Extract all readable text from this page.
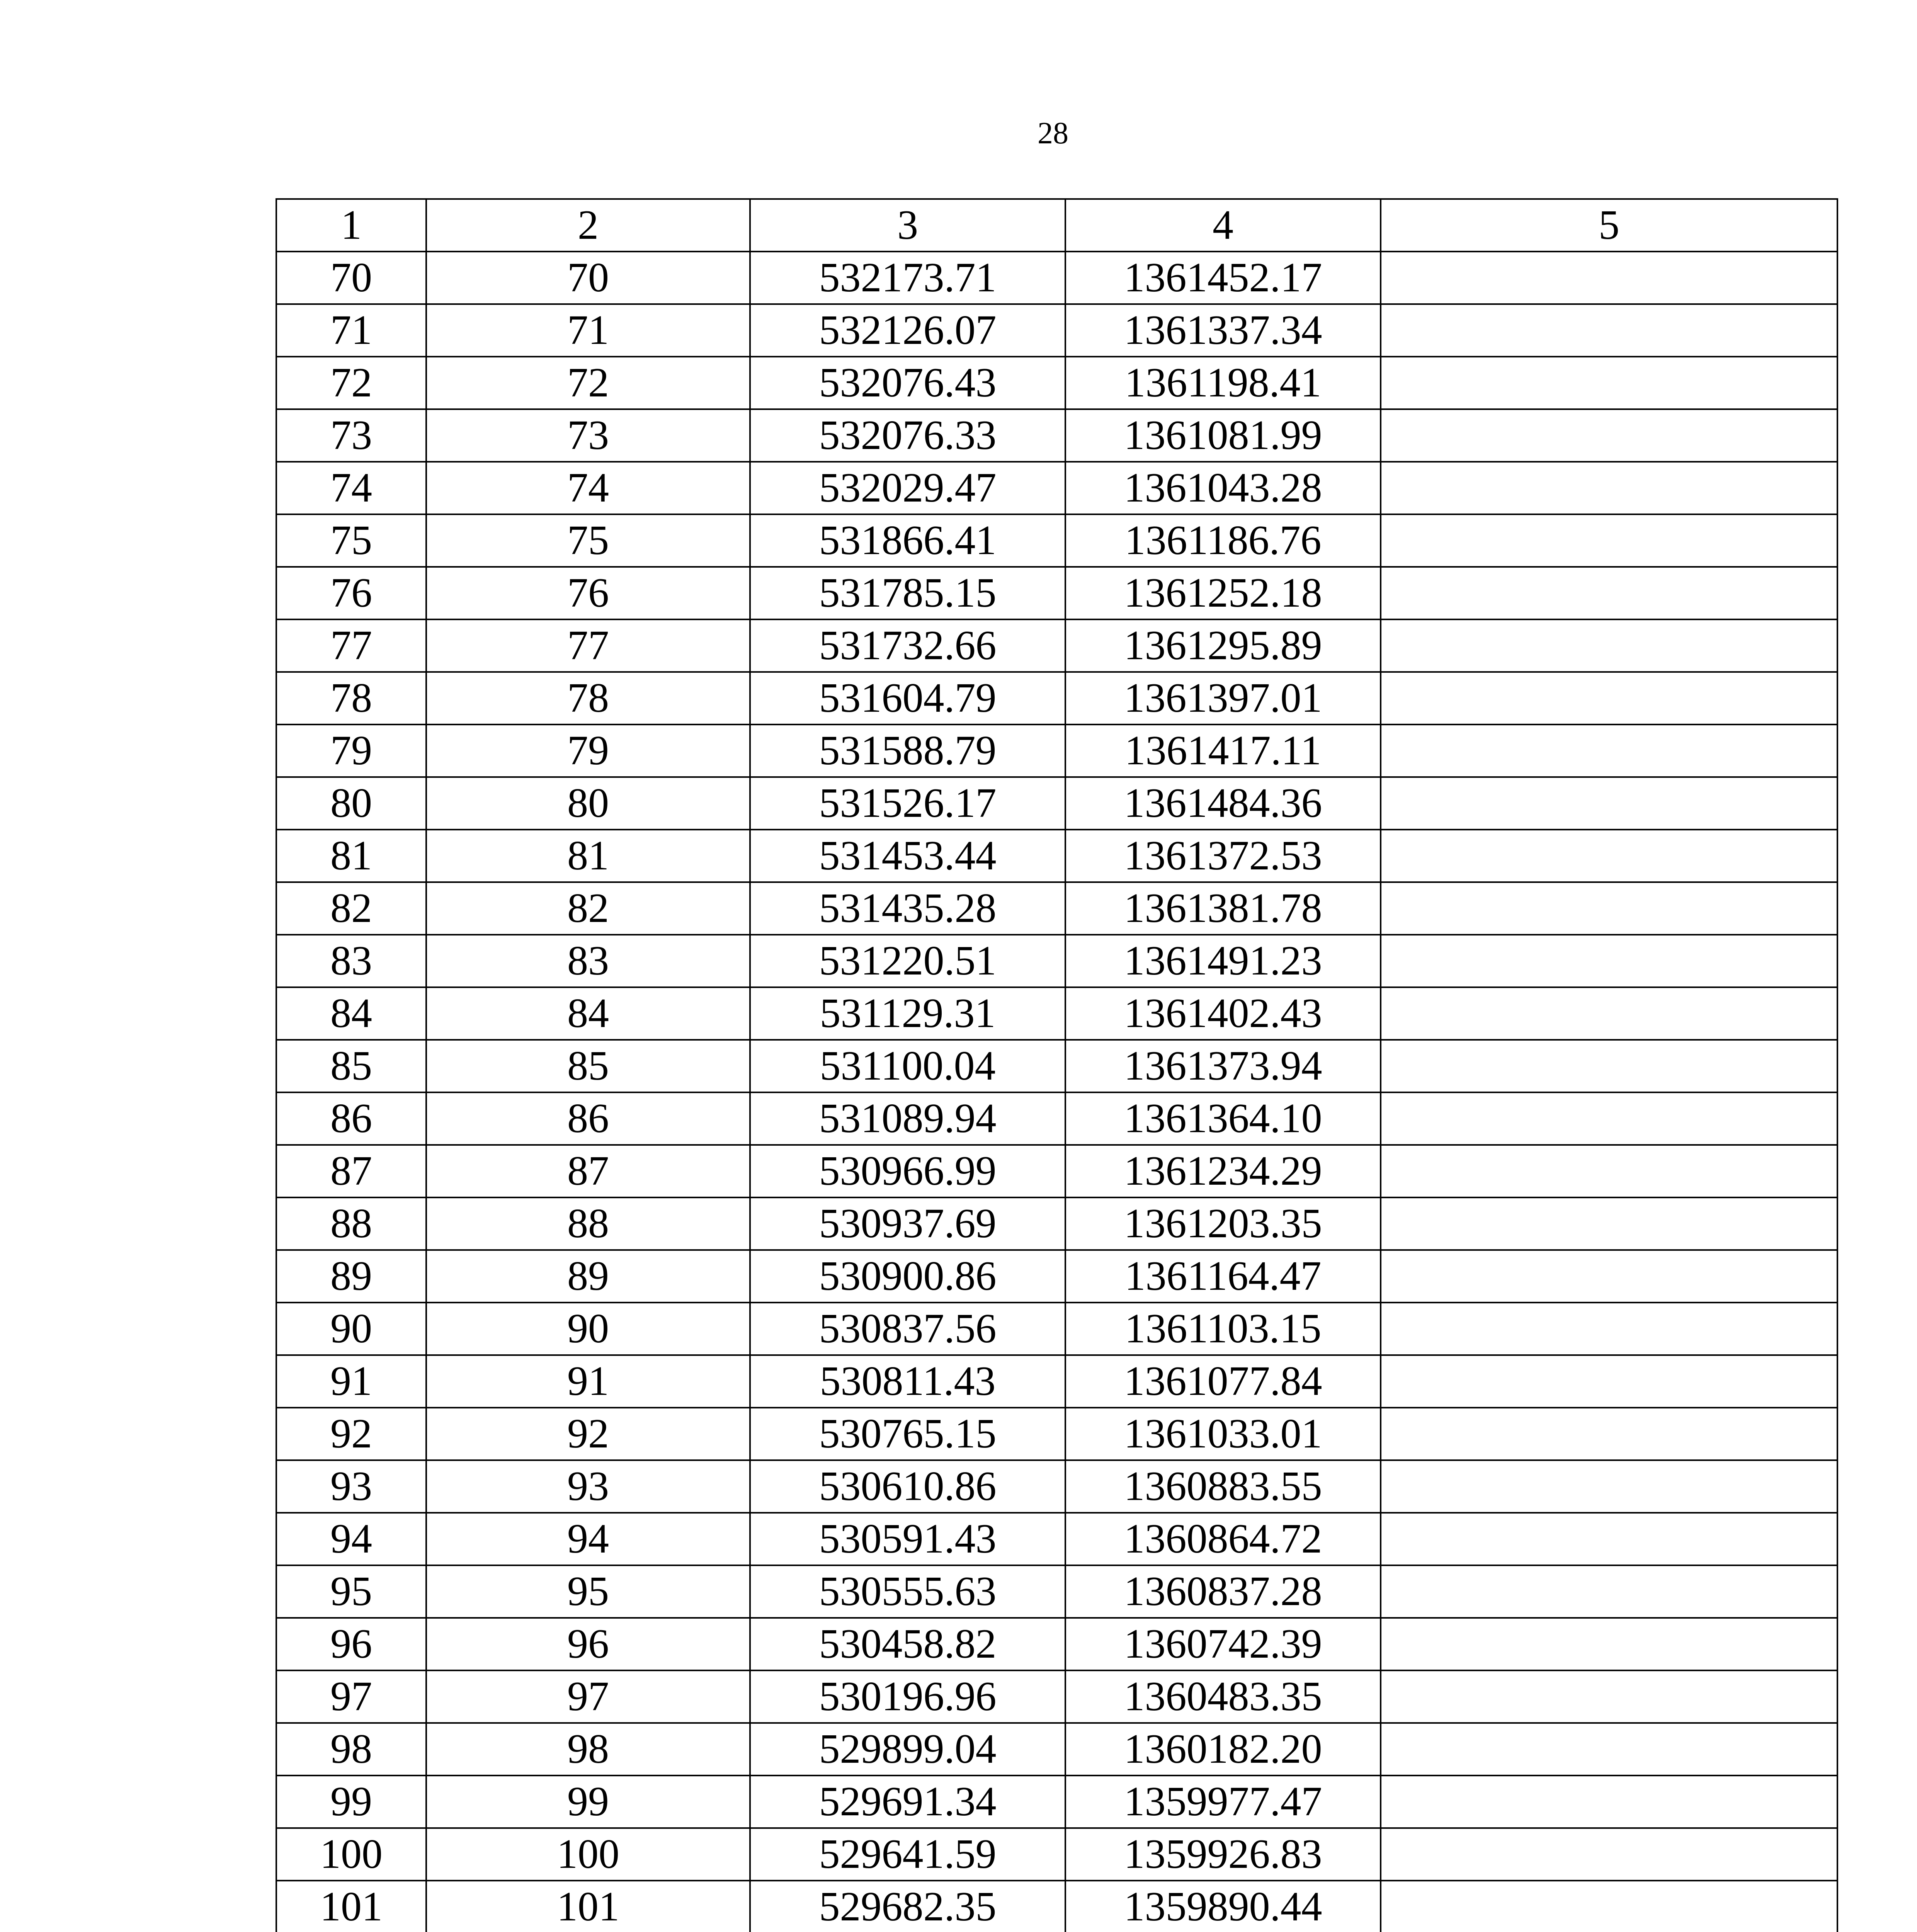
28
1	2	3	4	5
70	70	532173.71	1361452.17	
71	71	532126.07	1361337.34	
72	72	532076.43	1361198.41	
73	73	532076.33	1361081.99	
74	74	532029.47	1361043.28	
75	75	531866.41	1361186.76	
76	76	531785.15	1361252.18	
77	77	531732.66	1361295.89	
78	78	531604.79	1361397.01	
79	79	531588.79	1361417.11	
80	80	531526.17	1361484.36	
81	81	531453.44	1361372.53	
82	82	531435.28	1361381.78	
83	83	531220.51	1361491.23	
84	84	531129.31	1361402.43	
85	85	531100.04	1361373.94	
86	86	531089.94	1361364.10	
87	87	530966.99	1361234.29	
88	88	530937.69	1361203.35	
89	89	530900.86	1361164.47	
90	90	530837.56	1361103.15	
91	91	530811.43	1361077.84	
92	92	530765.15	1361033.01	
93	93	530610.86	1360883.55	
94	94	530591.43	1360864.72	
95	95	530555.63	1360837.28	
96	96	530458.82	1360742.39	
97	97	530196.96	1360483.35	
98	98	529899.04	1360182.20	
99	99	529691.34	1359977.47	
100	100	529641.59	1359926.83	
101	101	529682.35	1359890.44	
